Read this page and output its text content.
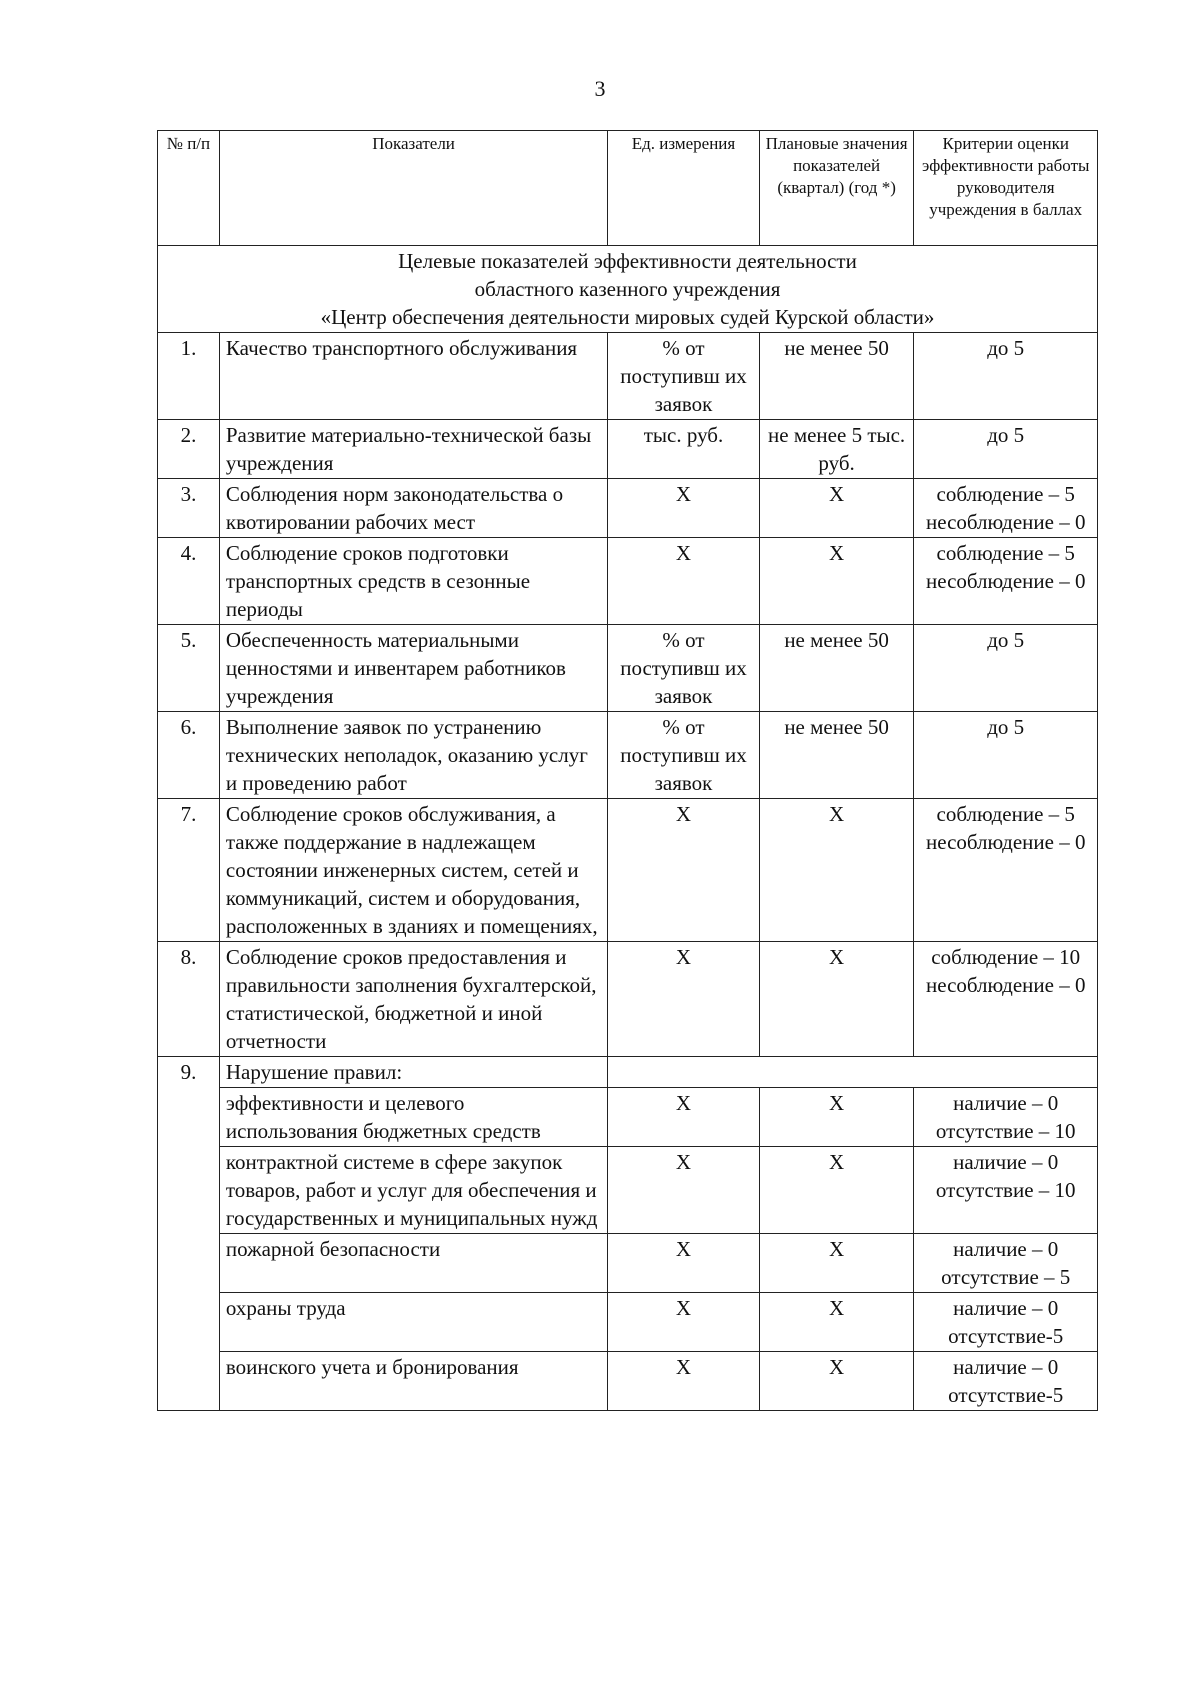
3
№ п/п	Показатели	Ед. измерения	Плановые значения показателей (квартал) (год *)	Критерии оценки эффективности работы руководителя учреждения в баллах

Целевые показателей эффективности деятельности
областного казенного учреждения
«Центр обеспечения деятельности мировых судей Курской области»				

1.	Качество транспортного обслуживания	% от поступивш их заявок	не менее 50	до 5
2.	Развитие материально-технической базы учреждения	тыс. руб.	не менее 5 тыс. руб.	до 5
3.	Соблюдения норм законодательства о квотировании рабочих мест	X	X	соблюдение – 5 несоблюдение – 0
4.	Соблюдение сроков подготовки транспортных средств в сезонные периоды	X	X	соблюдение – 5 несоблюдение – 0
5.	Обеспеченность материальными ценностями и инвентарем работников учреждения	% от поступивш их заявок	не менее 50	до 5
6.	Выполнение заявок по устранению технических неполадок, оказанию услуг и проведению работ	% от поступивш их заявок	не менее 50	до 5
7.	Соблюдение сроков обслуживания, а также поддержание в надлежащем состоянии инженерных систем, сетей и коммуникаций, систем и оборудования, расположенных в зданиях и помещениях,	X	X	соблюдение – 5 несоблюдение – 0
8.	Соблюдение сроков предоставления и правильности заполнения бухгалтерской, статистической, бюджетной и иной отчетности	X	X	соблюдение – 10 несоблюдение – 0
9.	Нарушение правил:			
	эффективности и целевого использования бюджетных средств	X	X	наличие – 0 отсутствие – 10
	контрактной системе в сфере закупок товаров, работ и услуг для обеспечения и государственных и муниципальных нужд	X	X	наличие – 0 отсутствие – 10
	пожарной безопасности	X	X	наличие – 0 отсутствие – 5
	охраны труда	X	X	наличие – 0 отсутствие-5
	воинского учета и бронирования	X	X	наличие – 0 отсутствие-5
